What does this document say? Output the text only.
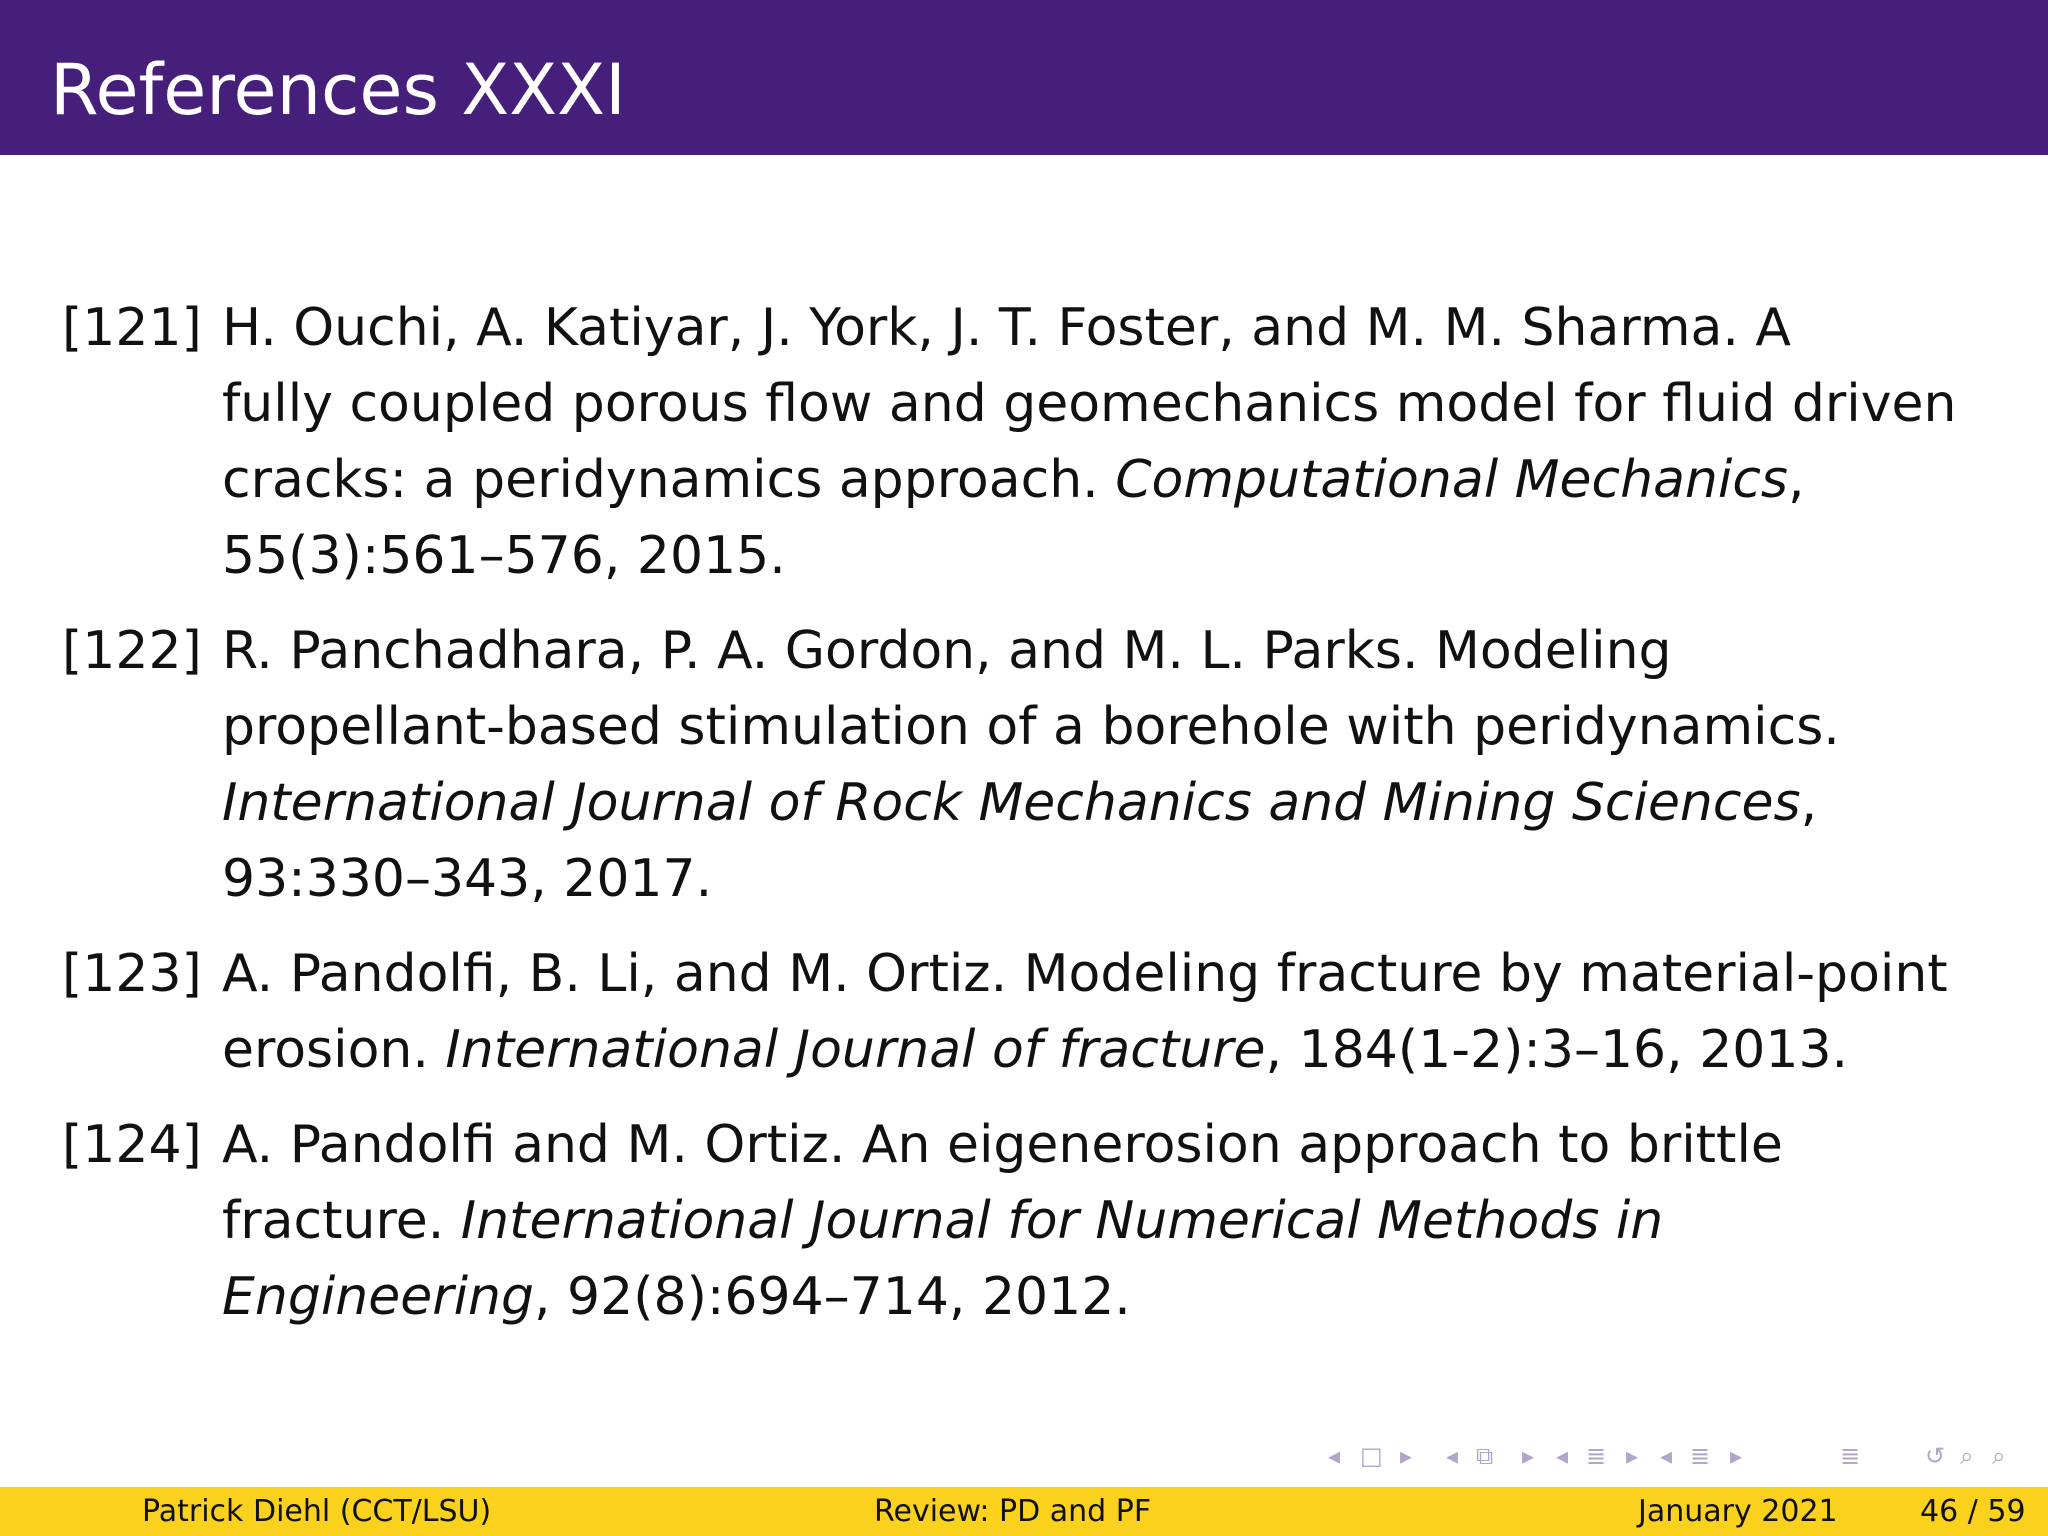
References XXXI
[121] H. Ouchi, A. Katiyar, J. York, J. T. Foster, and M. M. Sharma. A
fully coupled porous flow and geomechanics model for fluid driven
cracks: a peridynamics approach. Computational Mechanics,
55(3):561–576, 2015.
[122] R. Panchadhara, P. A. Gordon, and M. L. Parks. Modeling
propellant-based stimulation of a borehole with peridynamics.
International Journal of Rock Mechanics and Mining Sciences,
93:330–343, 2017.
[123] A. Pandolfi, B. Li, and M. Ortiz. Modeling fracture by material-point
erosion. International Journal of fracture, 184(1-2):3–16, 2013.
[124] A. Pandolfi and M. Ortiz. An eigenerosion approach to brittle
fracture. International Journal for Numerical Methods in
Engineering, 92(8):694–714, 2012.
◂ □ ▸ ◂ ⧉ ▸ ◂ ≣ ▸ ◂ ≣ ▸	≣	↺ ⌕ ⌕
Patrick Diehl (CCT/LSU)	Review: PD and PF	January 2021	46 / 59
